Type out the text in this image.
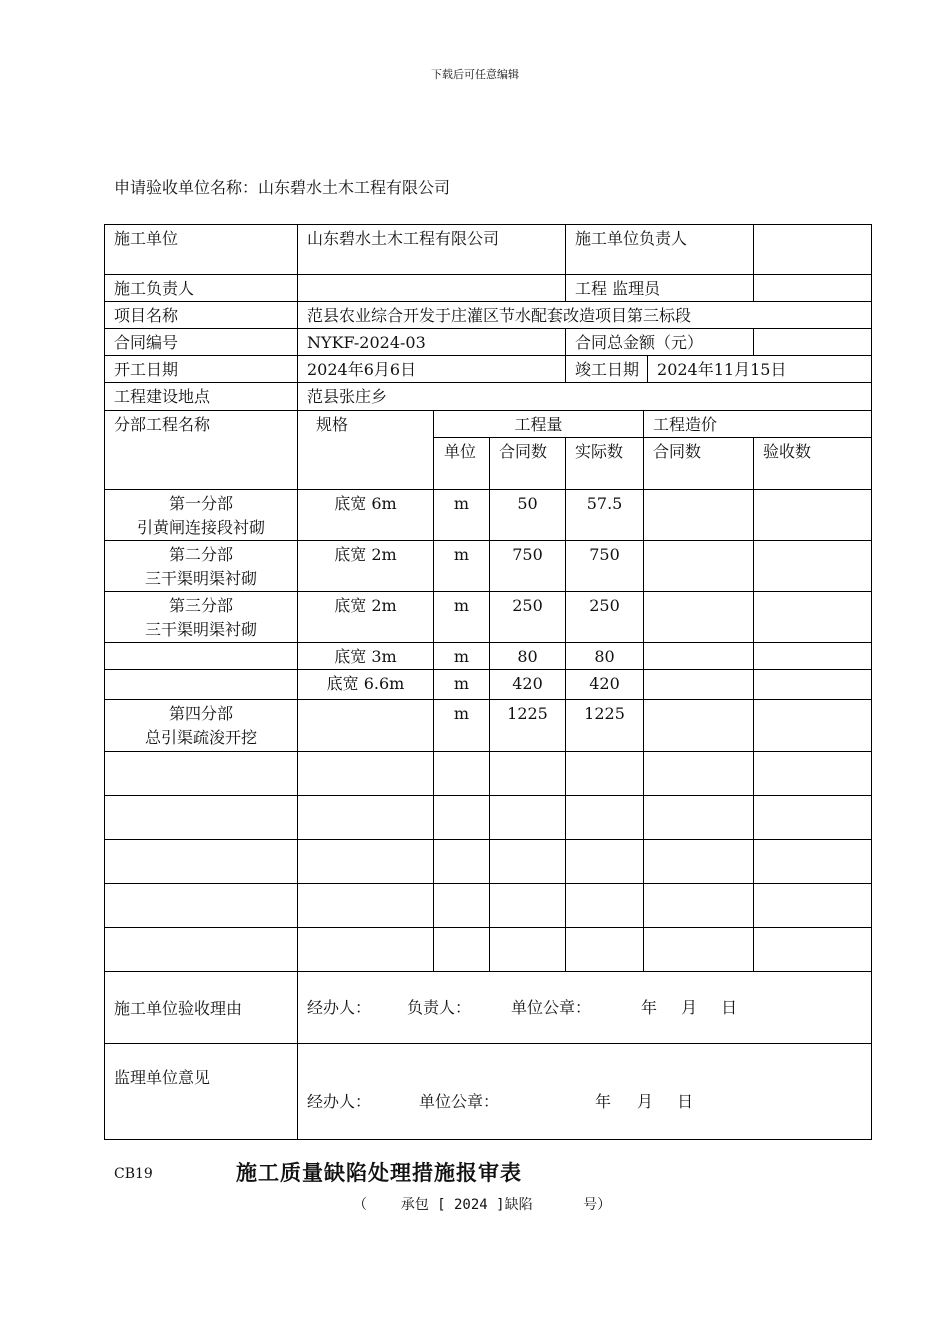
下载后可任意编辑
申请验收单位名称：山东碧水土木工程有限公司
施工单位	山东碧水土木工程有限公司			施工单位负责人			
施工负责人				工程 监理员			
项目名称	范县农业综合开发于庄灌区节水配套改造项目第三标段						
合同编号	NYKF-2024-03			合同总金额（元）			
开工日期	2024年6月6日			竣工日期		2024年11月15日	
工程建设地点	范县张庄乡						
分部工程名称	规格	工程量			工程造价		
		单位	合同数	实际数	合同数		验收数

第一分部
引黄闸连接段衬砌	底宽 6m	m	50	57.5			

第二分部
三干渠明渠衬砌	底宽 2m	m	750	750			

第三分部
三干渠明渠衬砌	底宽 2m	m	250	250			
	底宽 3m	m	80	80			
	底宽 6.6m	m	420	420			

第四分部
总引渠疏浚开挖		m	1225	1225			

施工单位验收理由	经办人： 负责人： 单位公章： 年 月 日						
监理单位意见	经办人： 单位公章： 年 月 日						
CB19	施工质量缺陷处理措施报审表
（    承包 [ 2024 ]缺陷      号）
